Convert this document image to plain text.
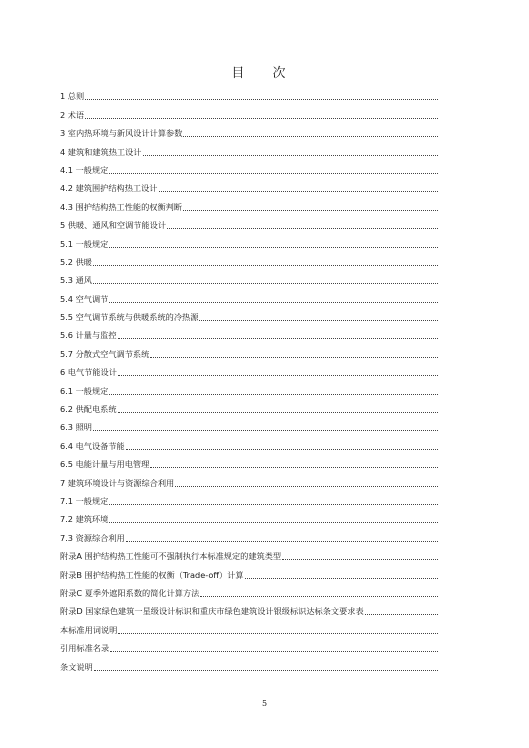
目 次
1 总则
2 术语
3 室内热环境与新风设计计算参数
4 建筑和建筑热工设计
4.1 一般规定
4.2 建筑围护结构热工设计
4.3 围护结构热工性能的权衡判断
5 供暖、通风和空调节能设计
5.1 一般规定
5.2 供暖
5.3 通风
5.4 空气调节
5.5 空气调节系统与供暖系统的冷热源
5.6 计量与监控
5.7 分散式空气调节系统
6 电气节能设计
6.1 一般规定
6.2 供配电系统
6.3 照明
6.4 电气设备节能
6.5 电能计量与用电管理
7 建筑环境设计与资源综合利用
7.1 一般规定
7.2 建筑环境
7.3 资源综合利用
附录A 围护结构热工性能可不强制执行本标准规定的建筑类型
附录B 围护结构热工性能的权衡（Trade-off）计算
附录C 夏季外遮阳系数的简化计算方法
附录D 国家绿色建筑一星级设计标识和重庆市绿色建筑设计银级标识达标条文要求表
本标准用词说明
引用标准名录
条文说明
5
